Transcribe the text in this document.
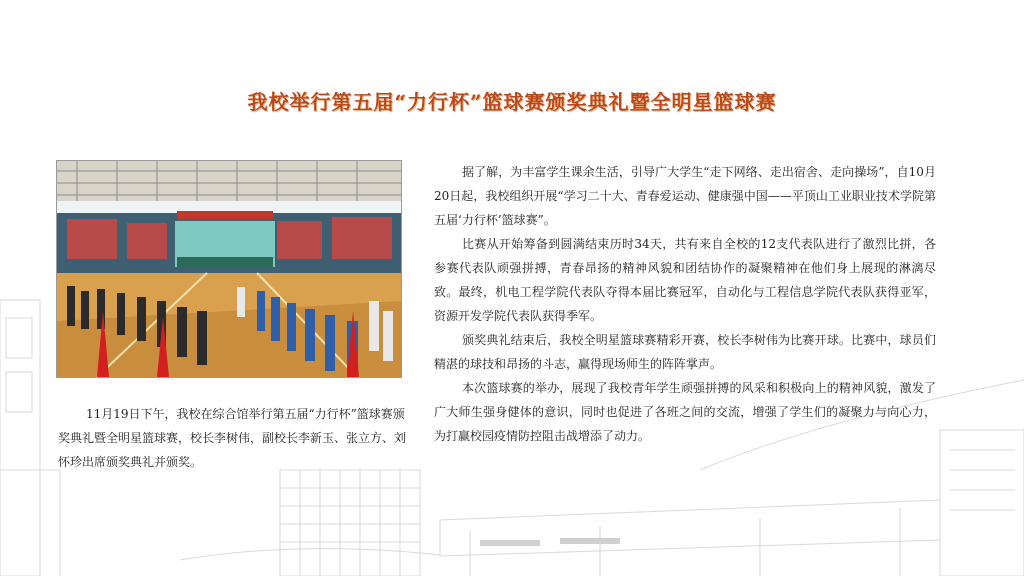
我校举行第五届“力行杯”篮球赛颁奖典礼暨全明星篮球赛

11月19日下午，我校在综合馆举行第五届“力行杯”篮球赛颁奖典礼暨全明星篮球赛，校长李树伟，副校长李新玉、张立方、刘怀珍出席颁奖典礼并颁奖。

据了解，为丰富学生课余生活，引导广大学生“走下网络、走出宿舍、走向操场”，自10月20日起，我校组织开展“学习二十大、青春爱运动、健康强中国——平顶山工业职业技术学院第五届‘力行杯’篮球赛”。

比赛从开始筹备到圆满结束历时34天，共有来自全校的12支代表队进行了激烈比拼，各参赛代表队顽强拼搏，青春昂扬的精神风貌和团结协作的凝聚精神在他们身上展现的淋漓尽致。最终，机电工程学院代表队夺得本届比赛冠军，自动化与工程信息学院代表队获得亚军，资源开发学院代表队获得季军。

颁奖典礼结束后，我校全明星篮球赛精彩开赛，校长李树伟为比赛开球。比赛中，球员们精湛的球技和昂扬的斗志，赢得现场师生的阵阵掌声。

本次篮球赛的举办，展现了我校青年学生顽强拼搏的风采和积极向上的精神风貌，激发了广大师生强身健体的意识，同时也促进了各班之间的交流，增强了学生们的凝聚力与向心力，为打赢校园疫情防控阻击战增添了动力。
